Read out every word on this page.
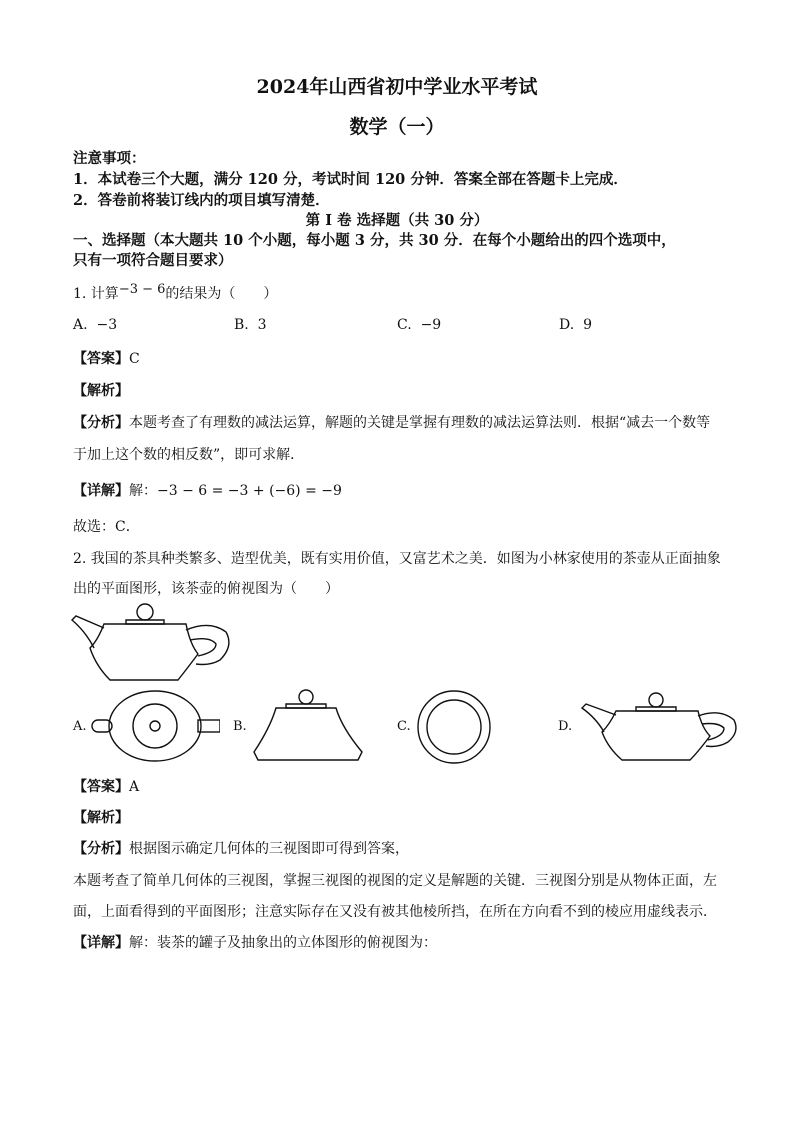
2024年山西省初中学业水平考试
数学（一）
注意事项：
1．本试卷三个大题，满分 120 分，考试时间 120 分钟．答案全部在答题卡上完成．
2．答卷前将装订线内的项目填写清楚．
第 I 卷 选择题（共 30 分）
一、选择题（本大题共 10 个小题，每小题 3 分，共 30 分．在每个小题给出的四个选项中，
只有一项符合题目要求）
1. 计算−3 − 6的结果为（　　）
A. −3	B. 3	C. −9	D. 9
【答案】C
【解析】
【分析】本题考查了有理数的减法运算，解题的关键是掌握有理数的减法运算法则．根据“减去一个数等
于加上这个数的相反数”，即可求解．
【详解】解：−3 − 6 = −3 + (−6) = −9
故选：C．
2. 我国的茶具种类繁多、造型优美，既有实用价值，又富艺术之美．如图为小林家使用的茶壶从正面抽象
出的平面图形，该茶壶的俯视图为（　　）
A.	B.	C.	D.
【答案】A
【解析】
【分析】根据图示确定几何体的三视图即可得到答案，
本题考查了简单几何体的三视图，掌握三视图的视图的定义是解题的关键．三视图分别是从物体正面，左
面，上面看得到的平面图形；注意实际存在又没有被其他棱所挡，在所在方向看不到的棱应用虚线表示．
【详解】解：装茶的罐子及抽象出的立体图形的俯视图为：
